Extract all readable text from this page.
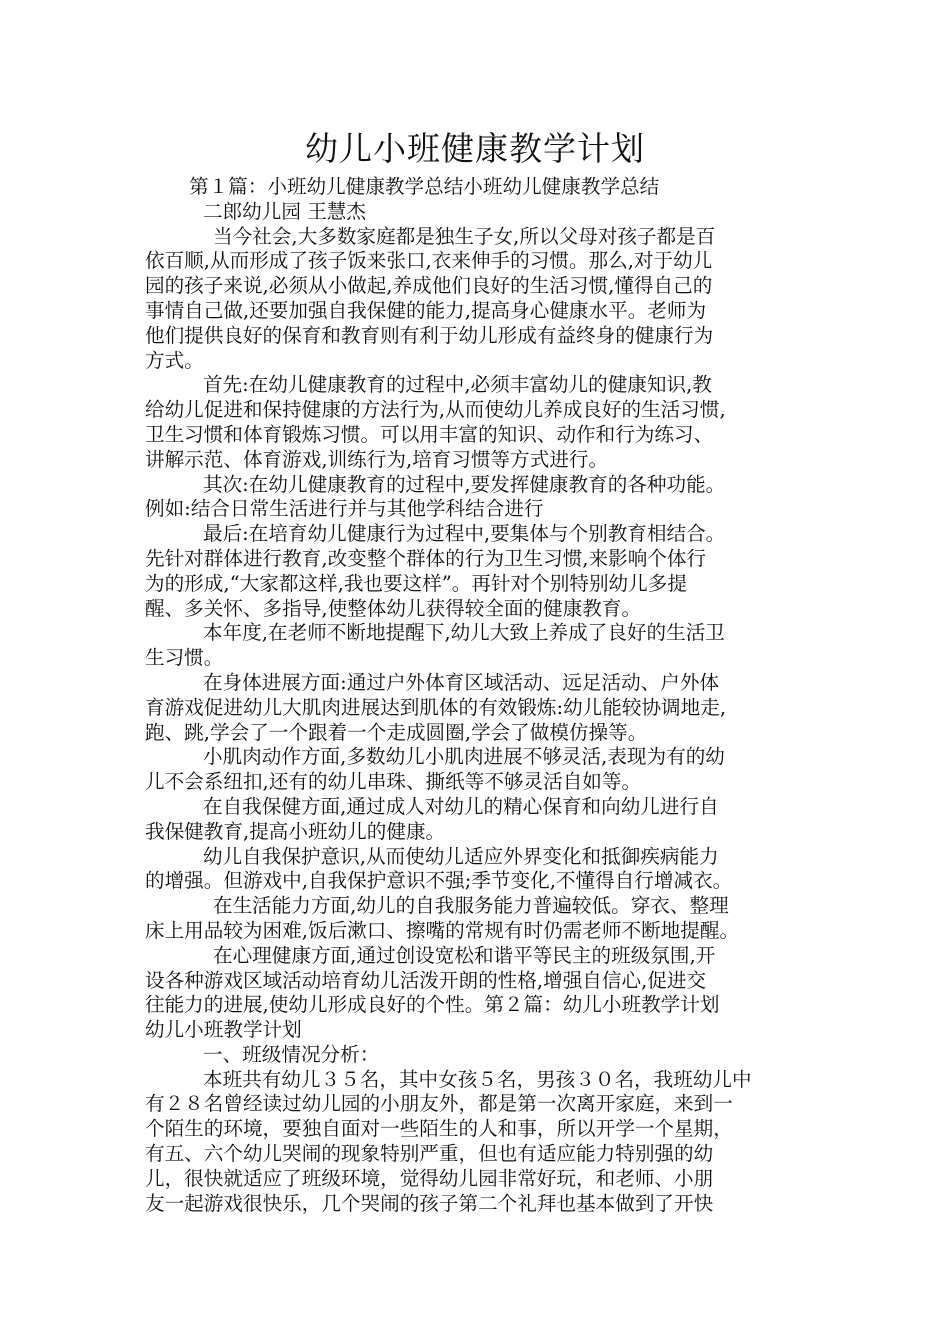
幼儿小班健康教学计划

第１篇：小班幼儿健康教学总结小班幼儿健康教学总结

二郎幼儿园 王慧杰

当今社会,大多数家庭都是独生子女,所以父母对孩子都是百

依百顺,从而形成了孩子饭来张口,衣来伸手的习惯。那么,对于幼儿

园的孩子来说,必须从小做起,养成他们良好的生活习惯,懂得自己的

事情自己做,还要加强自我保健的能力,提高身心健康水平。老师为

他们提供良好的保育和教育则有利于幼儿形成有益终身的健康行为

方式。

首先:在幼儿健康教育的过程中,必须丰富幼儿的健康知识,教

给幼儿促进和保持健康的方法行为,从而使幼儿养成良好的生活习惯,

卫生习惯和体育锻炼习惯。可以用丰富的知识、动作和行为练习、

讲解示范、体育游戏,训练行为,培育习惯等方式进行。

其次:在幼儿健康教育的过程中,要发挥健康教育的各种功能。

例如:结合日常生活进行并与其他学科结合进行

最后:在培育幼儿健康行为过程中,要集体与个别教育相结合。

先针对群体进行教育,改变整个群体的行为卫生习惯,来影响个体行

为的形成,“大家都这样,我也要这样”。再针对个别特别幼儿多提

醒、多关怀、多指导,使整体幼儿获得较全面的健康教育。

本年度,在老师不断地提醒下,幼儿大致上养成了良好的生活卫

生习惯。

在身体进展方面:通过户外体育区域活动、远足活动、户外体

育游戏促进幼儿大肌肉进展达到肌体的有效锻炼:幼儿能较协调地走,

跑、跳,学会了一个跟着一个走成圆圈,学会了做模仿操等。

小肌肉动作方面,多数幼儿小肌肉进展不够灵活,表现为有的幼

儿不会系纽扣,还有的幼儿串珠、撕纸等不够灵活自如等。

在自我保健方面,通过成人对幼儿的精心保育和向幼儿进行自

我保健教育,提高小班幼儿的健康。

幼儿自我保护意识,从而使幼儿适应外界变化和抵御疾病能力

的增强。但游戏中,自我保护意识不强;季节变化,不懂得自行增减衣。

在生活能力方面,幼儿的自我服务能力普遍较低。穿衣、整理

床上用品较为困难,饭后漱口、擦嘴的常规有时仍需老师不断地提醒。

在心理健康方面,通过创设宽松和谐平等民主的班级氛围,开

设各种游戏区域活动培育幼儿活泼开朗的性格,增强自信心,促进交

往能力的进展,使幼儿形成良好的个性。第２篇：幼儿小班教学计划

幼儿小班教学计划

一、班级情况分析：

本班共有幼儿３５名，其中女孩５名，男孩３０名，我班幼儿中

有２８名曾经读过幼儿园的小朋友外，都是第一次离开家庭，来到一

个陌生的环境，要独自面对一些陌生的人和事，所以开学一个星期，

有五、六个幼儿哭闹的现象特别严重，但也有适应能力特别强的幼

儿，很快就适应了班级环境，觉得幼儿园非常好玩，和老师、小朋

友一起游戏很快乐，几个哭闹的孩子第二个礼拜也基本做到了开快
